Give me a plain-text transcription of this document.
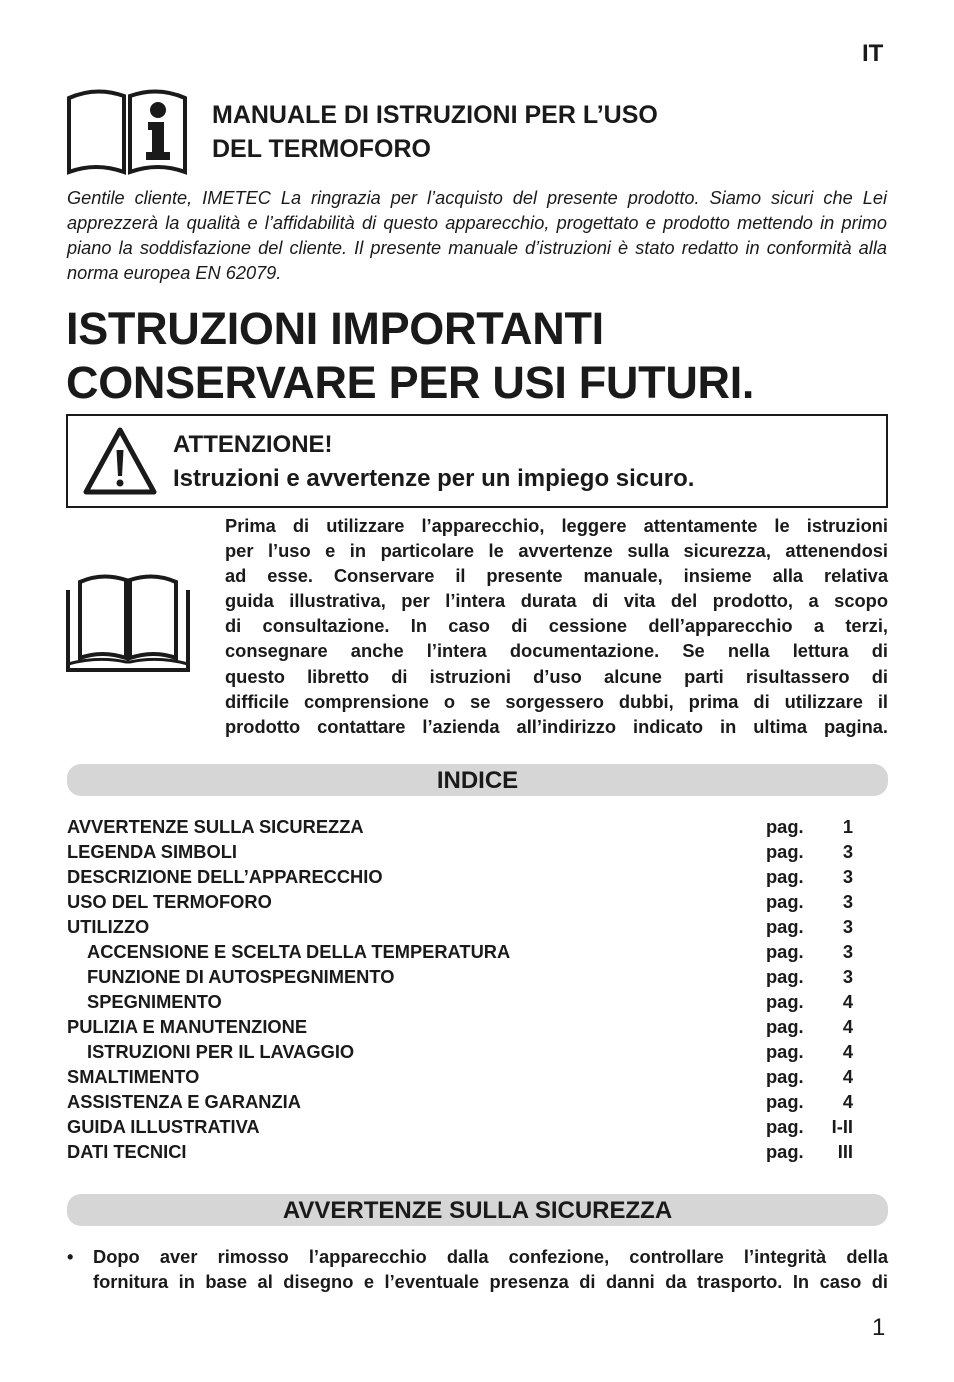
IT
MANUALE DI ISTRUZIONI PER L’USO
DEL TERMOFORO
Gentile cliente, IMETEC La ringrazia per l’acquisto del presente prodotto. Siamo sicuri che Lei apprezzerà la qualità e l’affidabilità di questo apparecchio, progettato e prodotto mettendo in primo piano la soddisfazione del cliente. Il presente manuale d’istruzioni è stato redatto in conformità alla norma europea EN 62079.
ISTRUZIONI IMPORTANTI
CONSERVARE PER USI FUTURI.
ATTENZIONE!
Istruzioni e avvertenze per un impiego sicuro.
Prima di utilizzare l’apparecchio, leggere attentamente le istruzioni
per l’uso e in particolare le avvertenze sulla sicurezza, attenendosi
ad esse. Conservare il presente manuale, insieme alla relativa
guida illustrativa, per l’intera durata di vita del prodotto, a scopo
di consultazione. In caso di cessione dell’apparecchio a terzi,
consegnare anche l’intera documentazione. Se nella lettura di
questo libretto di istruzioni d’uso alcune parti risultassero di
difficile comprensione o se sorgessero dubbi, prima di utilizzare il
prodotto contattare l’azienda all’indirizzo indicato in ultima pagina.
INDICE
AVVERTENZE SULLA SICUREZZA	pag. 1
LEGENDA SIMBOLI	pag. 3
DESCRIZIONE DELL’APPARECCHIO	pag. 3
USO DEL TERMOFORO	pag. 3
UTILIZZO	pag. 3
ACCENSIONE E SCELTA DELLA TEMPERATURA	pag. 3
FUNZIONE DI AUTOSPEGNIMENTO	pag. 3
SPEGNIMENTO	pag. 4
PULIZIA E MANUTENZIONE	pag. 4
ISTRUZIONI PER IL LAVAGGIO	pag. 4
SMALTIMENTO	pag. 4
ASSISTENZA E GARANZIA	pag. 4
GUIDA ILLUSTRATIVA	pag. I-II
DATI TECNICI	pag. III
AVVERTENZE SULLA SICUREZZA
• Dopo aver rimosso l’apparecchio dalla confezione, controllare l’integrità della
fornitura in base al disegno e l’eventuale presenza di danni da trasporto. In caso di
1
